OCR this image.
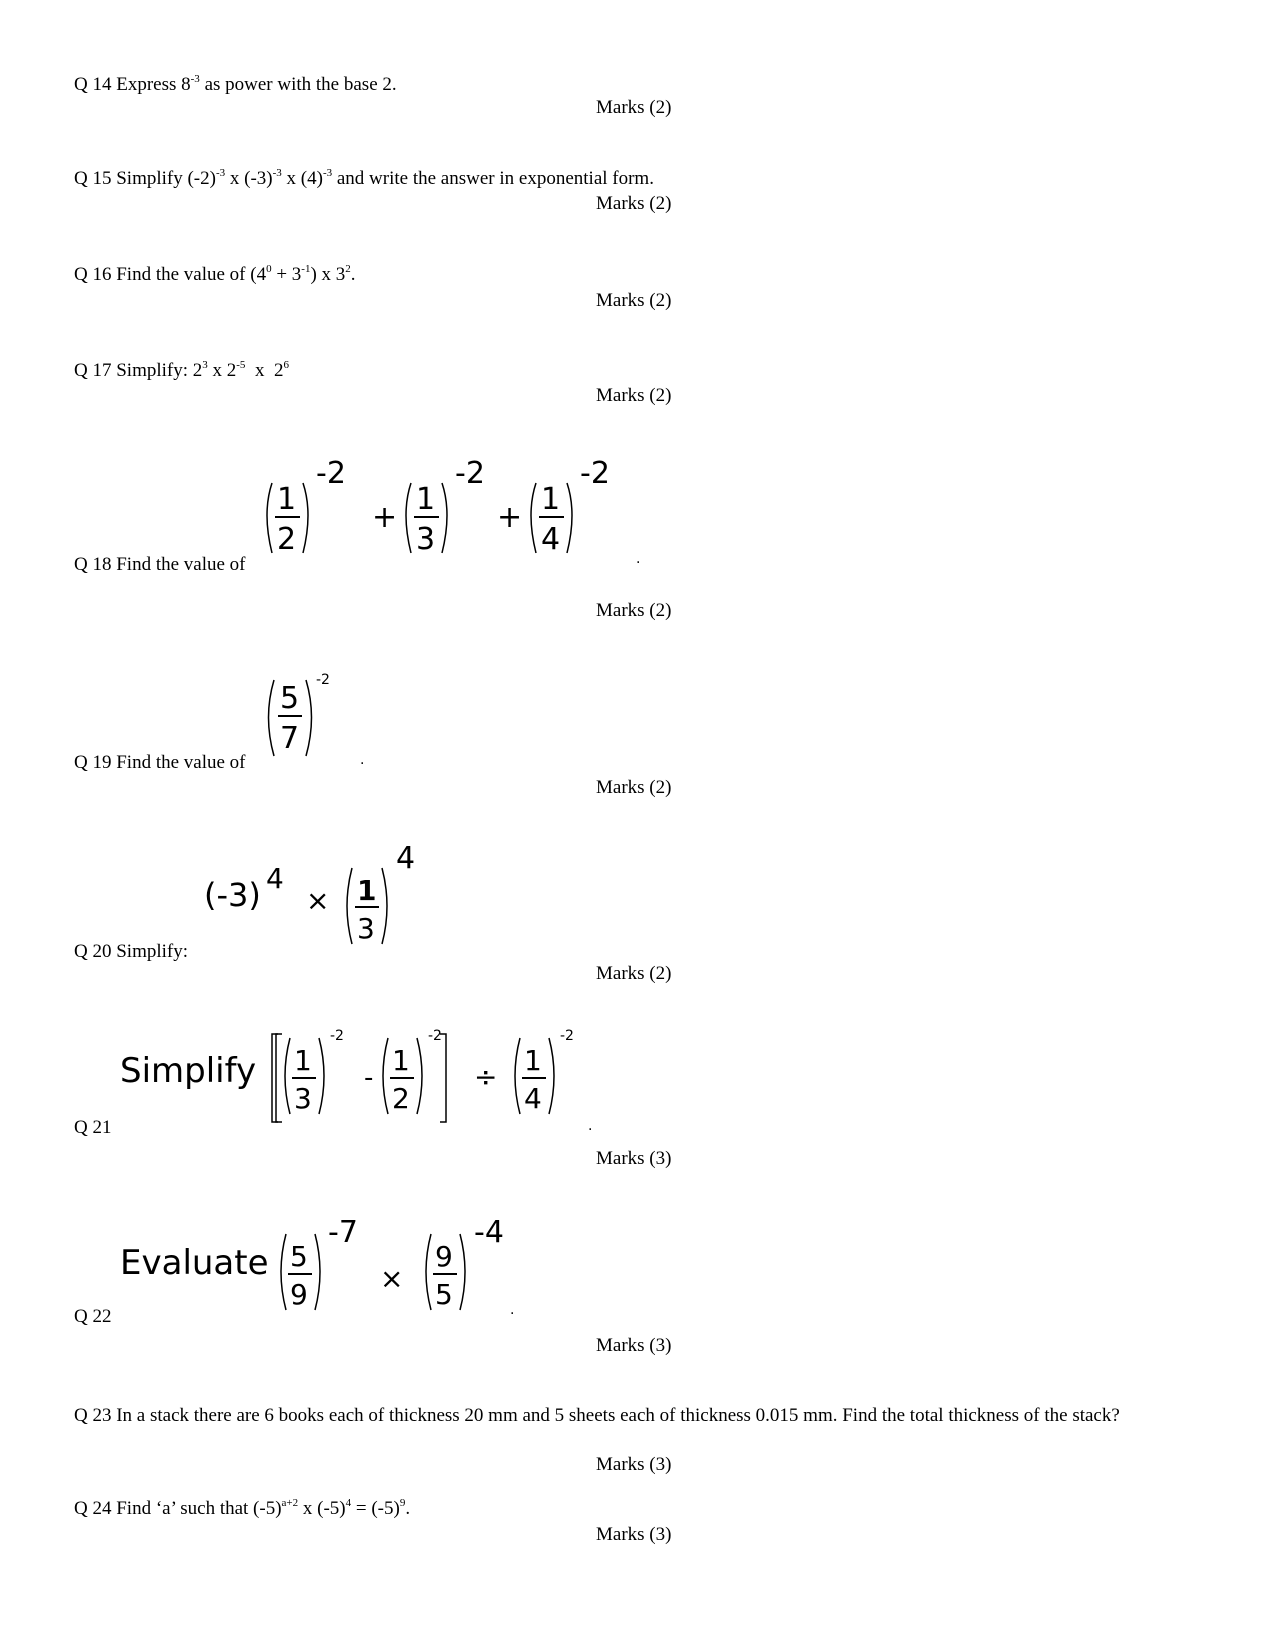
Q 14 Express $8^{-3}$ as power with the base 2.
Marks (2)
Q 15 Simplify $(-2)^{-3}$ x $(-3)^{-3}$ x $(4)^{-3}$ and write the answer in exponential form.
Marks (2)
Q 16 Find the value of $(4^0 + 3^{-1})$ x $3^2$.
Marks (2)
Q 17 Simplify: $2^3$ x $2^{-5}$  x  $2^6$
Marks (2)
Q 18 Find the value of
1
2
-2
+
1
3
-2
+
1
4
-2
.
Marks (2)
Q 19 Find the value of
5
7
-2
.
Marks (2)
Q 20 Simplify:
(-3) 4
× 1
3
4
Marks (2)
Q 21
Simplify 1
3
-2
-
1
2
-2
÷ 1
4
-2
.
Marks (3)
Q 22
Evaluate 5
9
-7
×
9
5
-4
.
Marks (3)
Q 23 In a stack there are 6 books each of thickness 20 mm and 5 sheets each of thickness 0.015 mm. Find the total thickness of the stack?
Marks (3)
Q 24 Find ‘a’ such that $(-5)^{a+2}$ x $(-5)^4 = (-5)^9$.
Marks (3)
